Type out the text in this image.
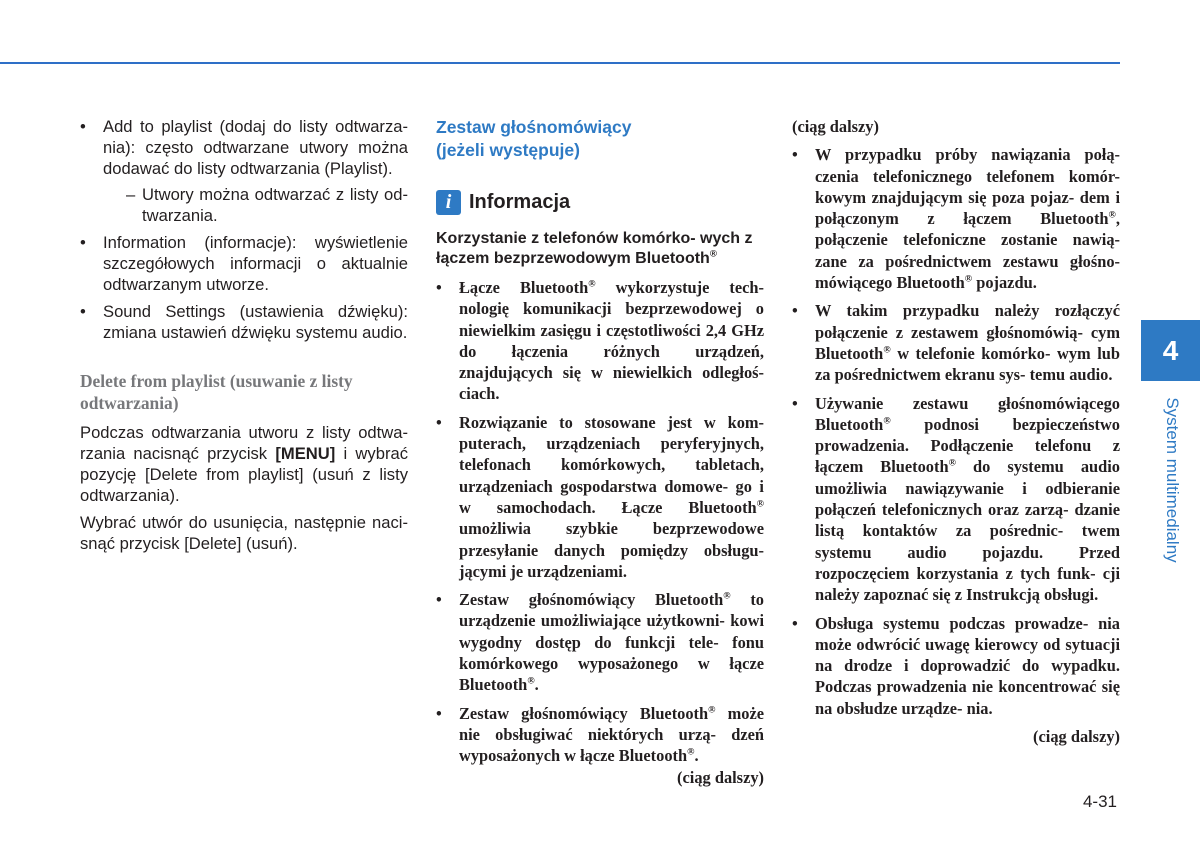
• Add to playlist (dodaj do listy odtwarza- nia): często odtwarzane utwory można dodawać do listy odtwarzania (Playlist).
– Utwory można odtwarzać z listy od- twarzania.
• Information (informacje): wyświetlenie szczegółowych informacji o aktualnie odtwarzanym utworze.
• Sound Settings (ustawienia dźwięku): zmiana ustawień dźwięku systemu audio.
Delete from playlist (usuwanie z listy odtwarzania)

Podczas odtwarzania utworu z listy odtwa- rzania nacisnąć przycisk [MENU] i wybrać pozycję [Delete from playlist] (usuń z listy odtwarzania).

Wybrać utwór do usunięcia, następnie naci- snąć przycisk [Delete] (usuń).

Zestaw głośnomówiący
(jeżeli występuje)
i Informacja
Korzystanie z telefonów komórko- wych z łączem bezprzewodowym Bluetooth®
• Łącze Bluetooth® wykorzystuje tech- nologię komunikacji bezprzewodowej o niewielkim zasięgu i częstotliwości 2,4 GHz do łączenia różnych urządzeń, znajdujących się w niewielkich odległoś- ciach.
• Rozwiązanie to stosowane jest w kom- puterach, urządzeniach peryferyjnych, telefonach komórkowych, tabletach, urządzeniach gospodarstwa domowe- go i w samochodach. Łącze Bluetooth® umożliwia szybkie bezprzewodowe przesyłanie danych pomiędzy obsługu- jącymi je urządzeniami.
• Zestaw głośnomówiący Bluetooth® to urządzenie umożliwiające użytkowni- kowi wygodny dostęp do funkcji tele- fonu komórkowego wyposażonego w łącze Bluetooth®.
• Zestaw głośnomówiący Bluetooth® może nie obsługiwać niektórych urzą- dzeń wyposażonych w łącze Bluetooth®.
(ciąg dalszy)
(ciąg dalszy)
• W przypadku próby nawiązania połą- czenia telefonicznego telefonem komór- kowym znajdującym się poza pojaz- dem i połączonym z łączem Bluetooth®, połączenie telefoniczne zostanie nawią- zane za pośrednictwem zestawu głośno- mówiącego Bluetooth® pojazdu.
• W takim przypadku należy rozłączyć połączenie z zestawem głośnomówią- cym Bluetooth® w telefonie komórko- wym lub za pośrednictwem ekranu sys- temu audio.
• Używanie zestawu głośnomówiącego Bluetooth® podnosi bezpieczeństwo prowadzenia. Podłączenie telefonu z łączem Bluetooth® do systemu audio umożliwia nawiązywanie i odbieranie połączeń telefonicznych oraz zarzą- dzanie listą kontaktów za pośrednic- twem systemu audio pojazdu. Przed rozpoczęciem korzystania z tych funk- cji należy zapoznać się z Instrukcją obsługi.
• Obsługa systemu podczas prowadze- nia może odwrócić uwagę kierowcy od sytuacji na drodze i doprowadzić do wypadku. Podczas prowadzenia nie koncentrować się na obsłudze urządze- nia.
(ciąg dalszy)
4
System multimedialny
4-31
